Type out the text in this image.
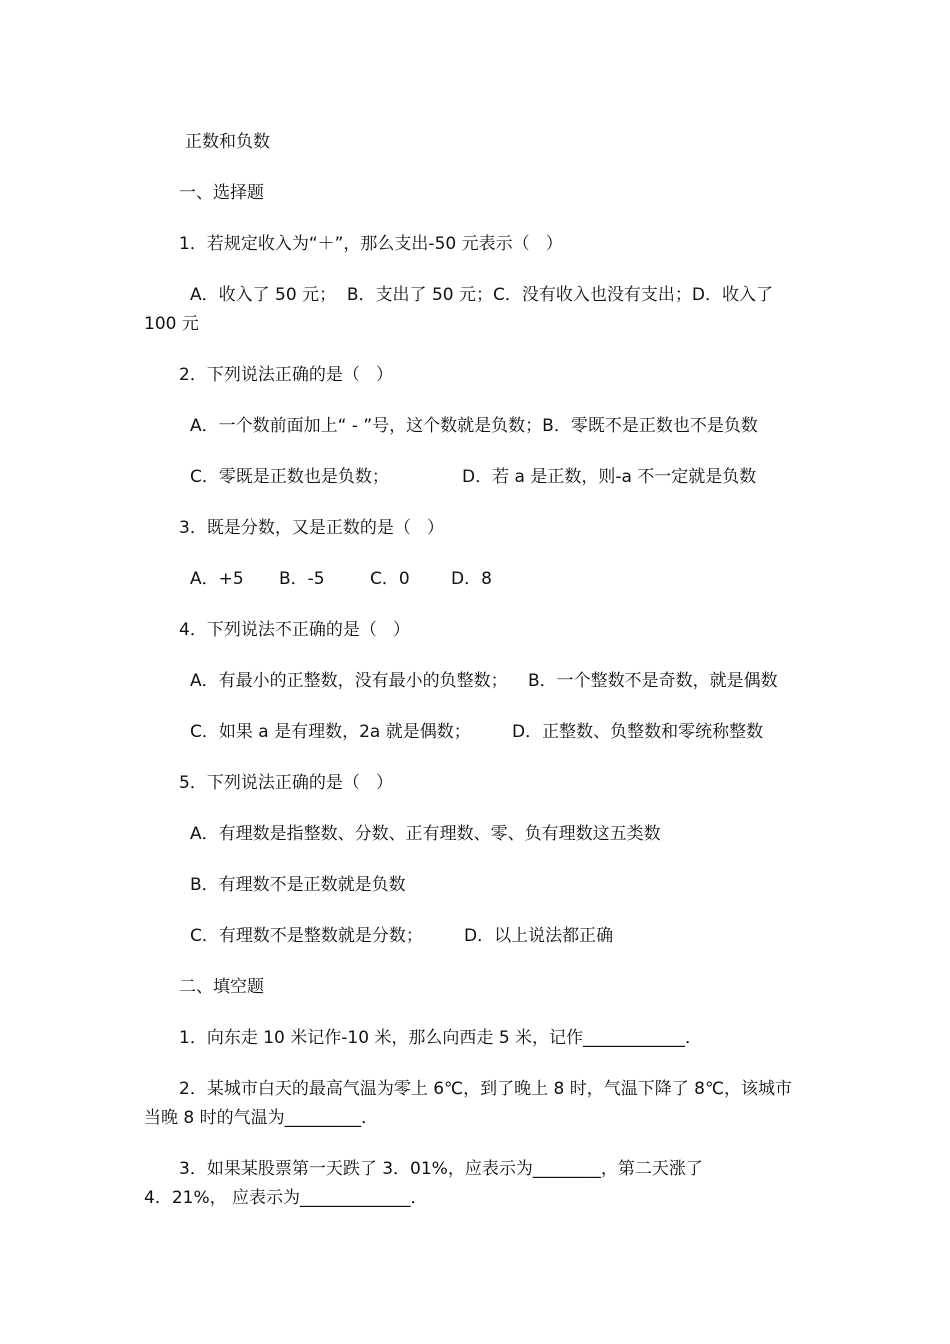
正数和负数
一、选择题
1．若规定收入为“＋”，那么支出-50 元表示（   ）
A．收入了 50 元；  B．支出了 50 元；C．没有收入也没有支出；D．收入了
100 元
2．下列说法正确的是（   ）
A．一个数前面加上“ - ”号，这个数就是负数；B．零既不是正数也不是负数
C．零既是正数也是负数；	D．若 a 是正数，则-a 不一定就是负数
3．既是分数，又是正数的是（   ）
A．+5 B．-5	C．0 D．8
4．下列说法不正确的是（   ）
A．有最小的正整数，没有最小的负整数； B．一个整数不是奇数，就是偶数
C．如果 a 是有理数，2a 就是偶数； D．正整数、负整数和零统称整数
5．下列说法正确的是（   ）
A．有理数是指整数、分数、正有理数、零、负有理数这五类数
B．有理数不是正数就是负数
C．有理数不是整数就是分数； D．以上说法都正确
二、填空题
1．向东走 10 米记作-10 米，那么向西走 5 米，记作____________．
2．某城市白天的最高气温为零上 6℃，到了晚上 8 时，气温下降了 8℃，该城市
当晚 8 时的气温为_________．
3．如果某股票第一天跌了 3．01%，应表示为________，第二天涨了
4．21%， 应表示为_____________．
